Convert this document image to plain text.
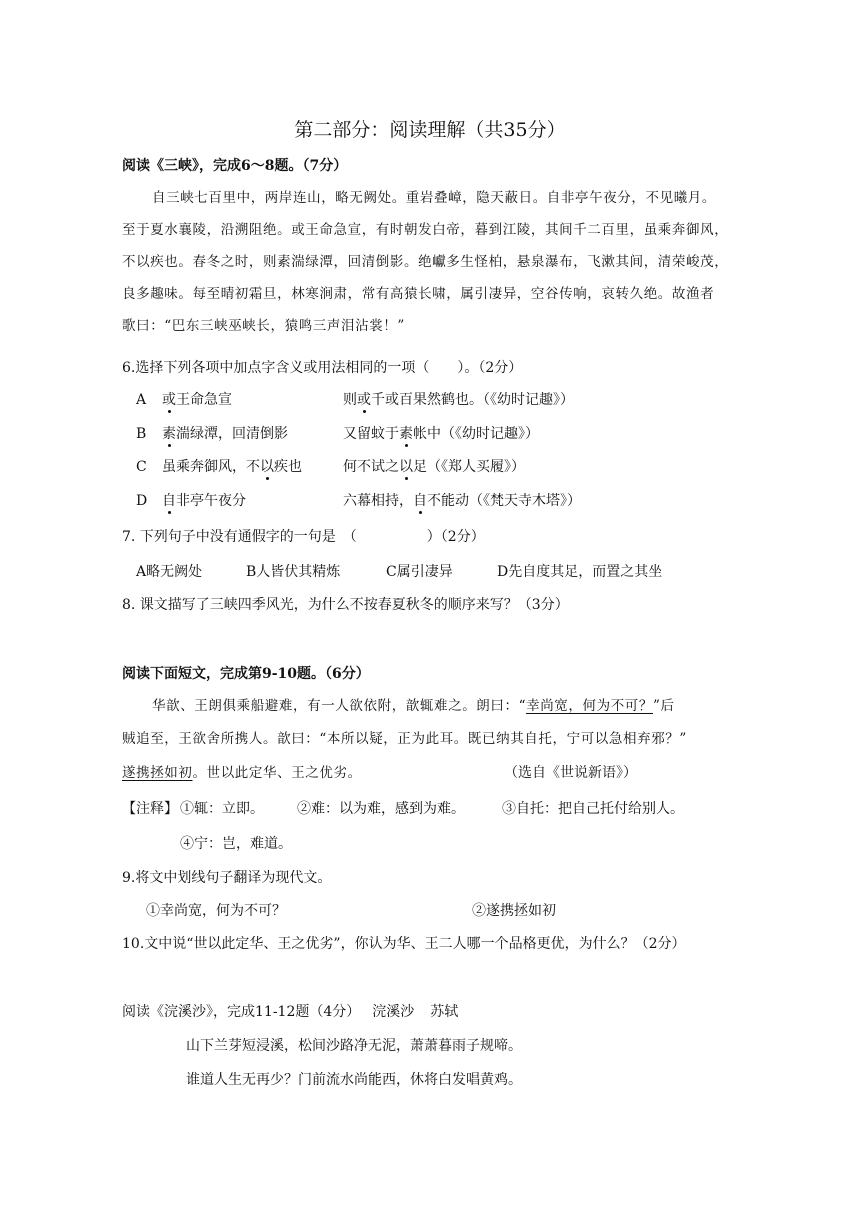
第二部分：阅读理解（共35分）
阅读《三峡》，完成6～8题。（7分）
自三峡七百里中，两岸连山，略无阙处。重岩叠嶂，隐天蔽日。自非亭午夜分，不见曦月。
至于夏水襄陵，沿溯阻绝。或王命急宣，有时朝发白帝，暮到江陵，其间千二百里，虽乘奔御风，
不以疾也。春冬之时，则素湍绿潭，回清倒影。绝巘多生怪柏，悬泉瀑布，飞漱其间，清荣峻茂，
良多趣味。每至晴初霜旦，林寒涧肃，常有高猿长啸，属引凄异，空谷传响，哀转久绝。故渔者
歌曰：“巴东三峡巫峡长，猿鸣三声泪沾裳！”
6.选择下列各项中加点字含义或用法相同的一项（　　）。（2分）
A 或王命急宣	则或千或百果然鹤也。（《幼时记趣》）
B 素湍绿潭，回清倒影	又留蚊于素帐中（《幼时记趣》）
C 虽乘奔御风，不以疾也	何不试之以足（《郑人买履》）
D 自非亭午夜分	六幕相持，自不能动（《梵天寺木塔》）
7. 下列句子中没有通假字的一句是　（　　　　　）（2分）
A略无阙处	B人皆伏其精炼	C属引凄异	D先自度其足，而置之其坐
8. 课文描写了三峡四季风光，为什么不按春夏秋冬的顺序来写？（3分）
阅读下面短文，完成第9-10题。（6分）
华歆、王朗俱乘船避难，有一人欲依附，歆辄难之。朗曰：“幸尚宽，何为不可？”后
贼追至，王欲舍所携人。歆曰：“本所以疑，正为此耳。既已纳其自托，宁可以急相弃邪？”
遂携拯如初。世以此定华、王之优劣。	（选自《世说新语》）
【注释】 ①辄：立即。 ②难：以为难，感到为难。	③自托：把自己托付给别人。
④宁：岂，难道。
9.将文中划线句子翻译为现代文。
①幸尚宽，何为不可？	②遂携拯如初
10.文中说“世以此定华、王之优劣”，你认为华、王二人哪一个品格更优，为什么？（2分）
阅读《浣溪沙》，完成11-12题（4分） 浣溪沙 苏轼
山下兰芽短浸溪，松间沙路净无泥，萧萧暮雨子规啼。
谁道人生无再少？门前流水尚能西，休将白发唱黄鸡。
